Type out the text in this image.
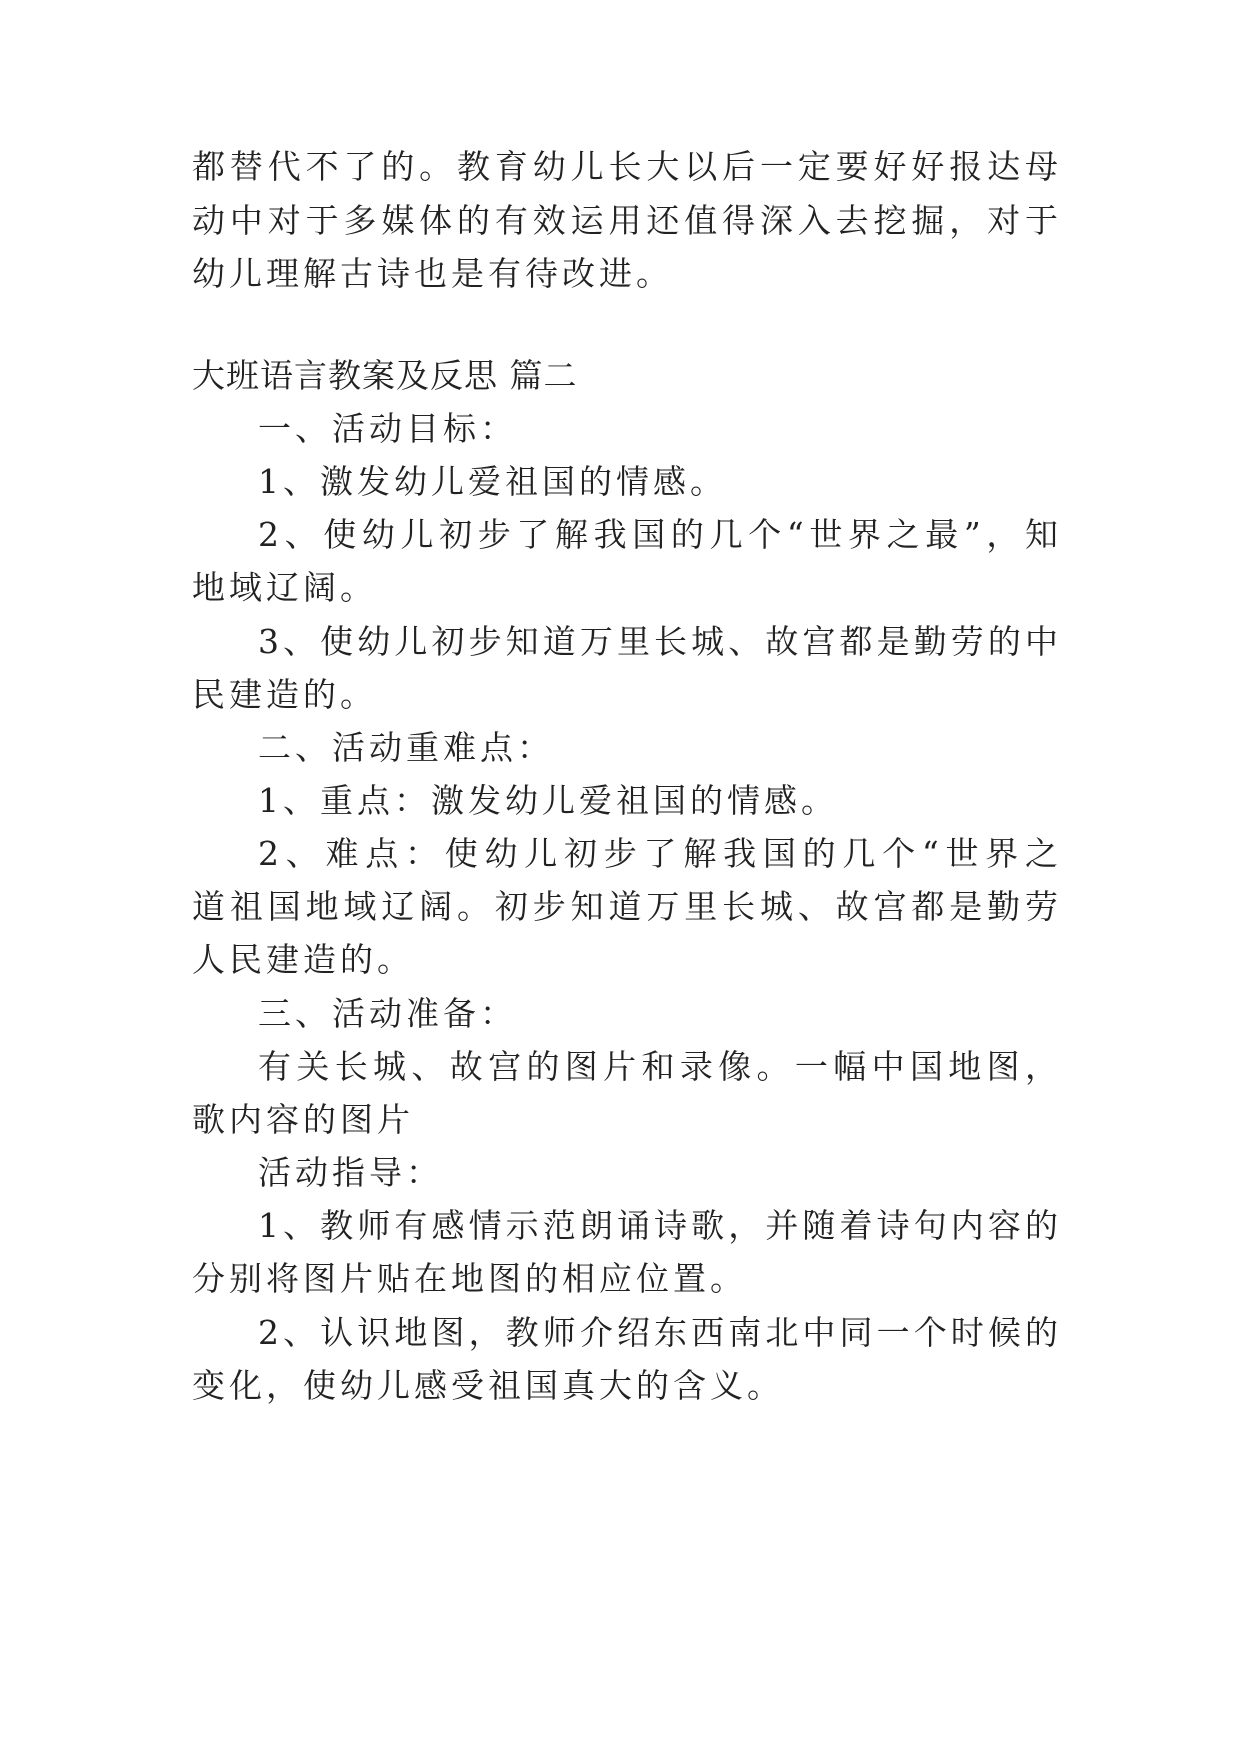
都替代不了的。教育幼儿长大以后一定要好好报达母
动中对于多媒体的有效运用还值得深入去挖掘，对于
幼儿理解古诗也是有待改进。
大班语言教案及反思 篇二
一、活动目标：
1、激发幼儿爱祖国的情感。
2、使幼儿初步了解我国的几个“世界之最”，知
地域辽阔。
3、使幼儿初步知道万里长城、故宫都是勤劳的中
民建造的。
二、活动重难点：
1、重点：激发幼儿爱祖国的情感。
2、难点：使幼儿初步了解我国的几个“世界之
道祖国地域辽阔。初步知道万里长城、故宫都是勤劳
人民建造的。
三、活动准备：
有关长城、故宫的图片和录像。一幅中国地图，
歌内容的图片
活动指导：
1、教师有感情示范朗诵诗歌，并随着诗句内容的
分别将图片贴在地图的相应位置。
2、认识地图，教师介绍东西南北中同一个时候的
变化，使幼儿感受祖国真大的含义。
